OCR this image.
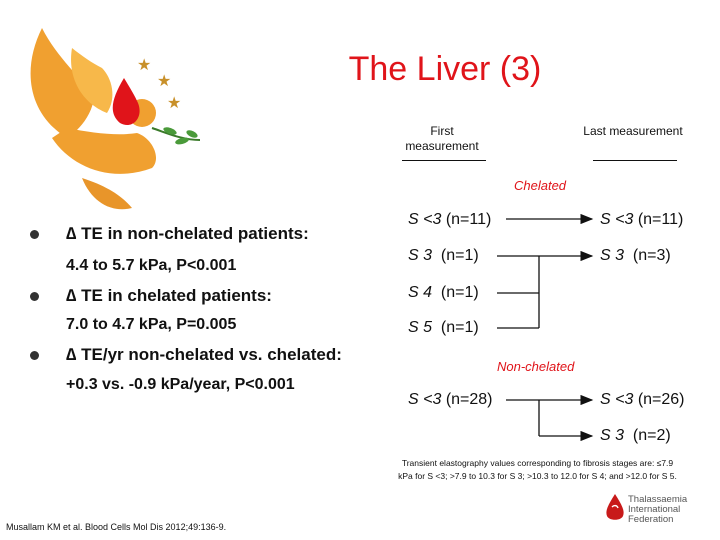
★
★
★
The Liver (3)
First measurement
Last measurement
Chelated
Non-chelated
∆ TE in non-chelated patients:
4.4 to 5.7 kPa, P<0.001
∆ TE in chelated patients:
7.0 to 4.7 kPa, P=0.005
∆ TE/yr non-chelated vs. chelated:
+0.3 vs. -0.9 kPa/year, P<0.001
S <3 (n=11)
S 3 (n=1)
S 4 (n=1)
S 5 (n=1)
S <3 (n=11)
S 3 (n=3)
S <3 (n=28)	S <3 (n=26)
S 3 (n=2)
Transient elastography values corresponding to fibrosis stages are: ≤7.9
kPa for S <3; >7.9 to 10.3 for S 3; >10.3 to 12.0 for S 4; and >12.0 for S 5.
Musallam KM et al. Blood Cells Mol Dis 2012;49:136-9.
Thalassaemia
International
Federation
